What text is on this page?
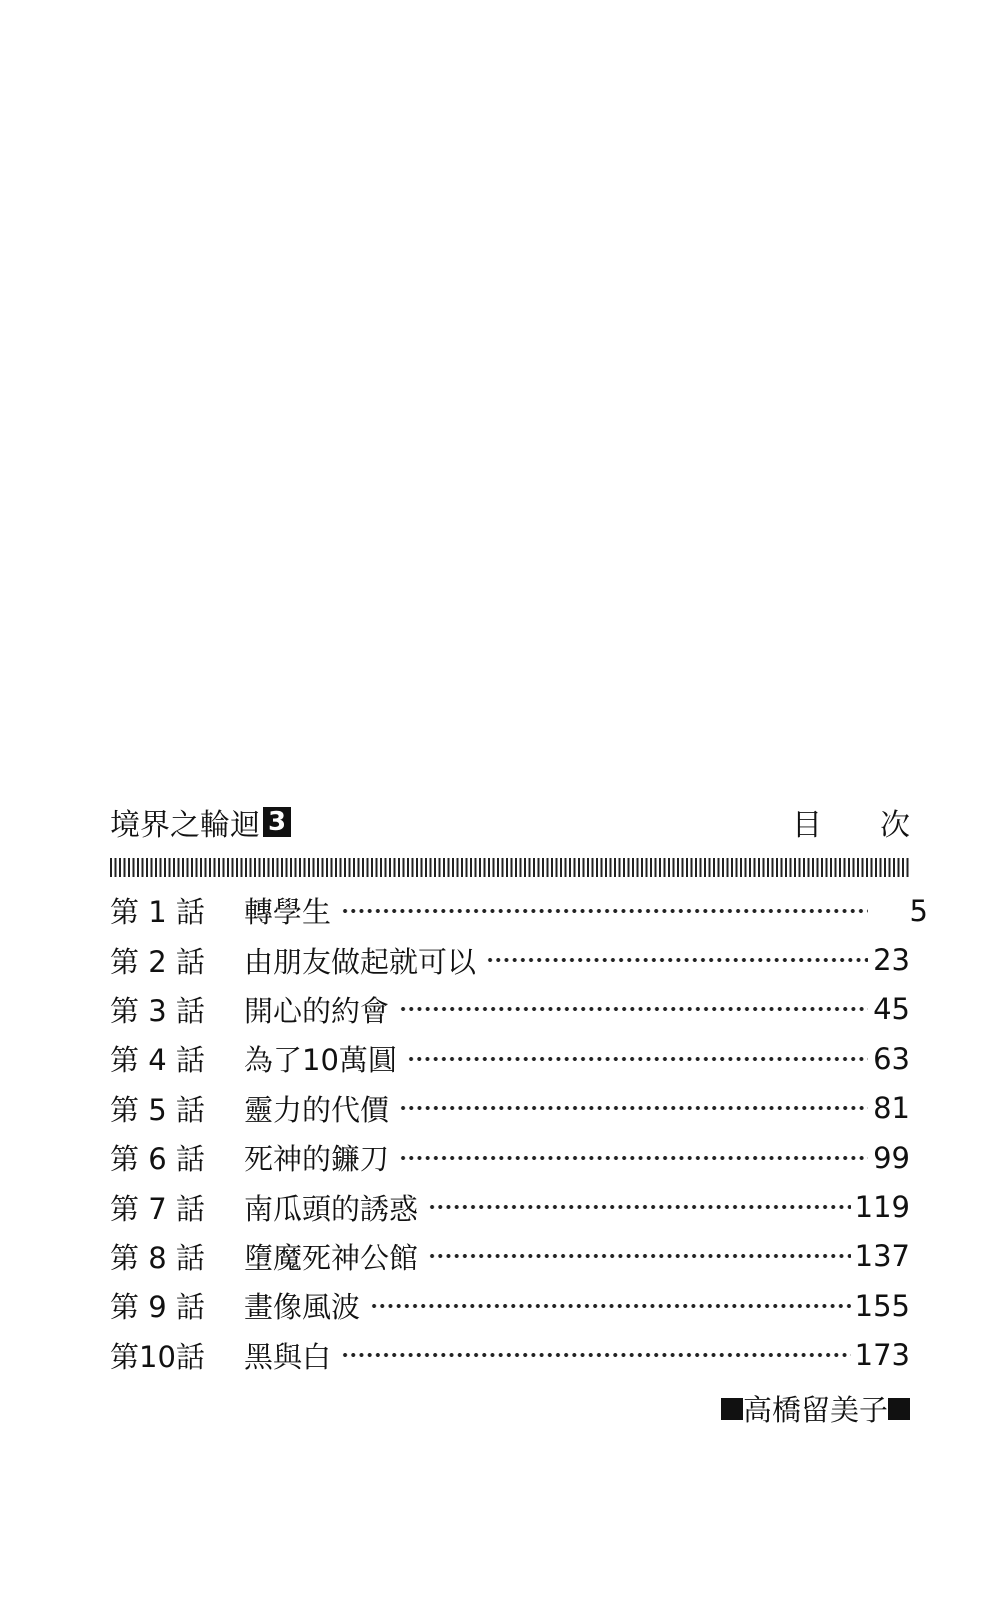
境界之輪迴 3	目 次
第 1 話	轉學生	5
第 2 話	由朋友做起就可以	23
第 3 話	開心的約會	45
第 4 話	為了10萬圓	63
第 5 話	靈力的代價	81
第 6 話	死神的鐮刀	99
第 7 話	南瓜頭的誘惑	119
第 8 話	墮魔死神公館	137
第 9 話	畫像風波	155
第10話	黑與白	173
高橋留美子
